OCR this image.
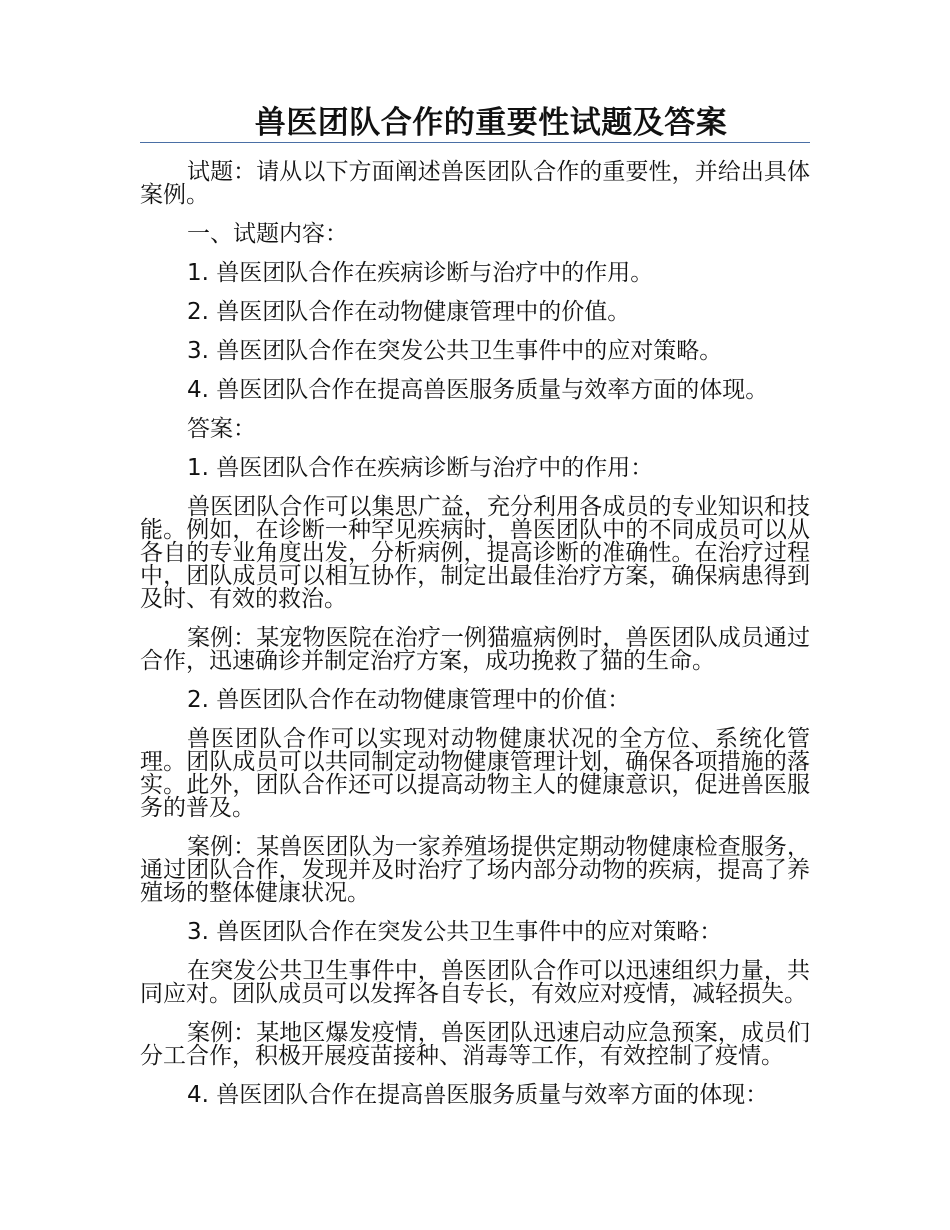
兽医团队合作的重要性试题及答案

试题：请从以下方面阐述兽医团队合作的重要性，并给出具体案例。

一、试题内容：
1. 兽医团队合作在疾病诊断与治疗中的作用。
2. 兽医团队合作在动物健康管理中的价值。
3. 兽医团队合作在突发公共卫生事件中的应对策略。
4. 兽医团队合作在提高兽医服务质量与效率方面的体现。
答案：
1. 兽医团队合作在疾病诊断与治疗中的作用：

兽医团队合作可以集思广益，充分利用各成员的专业知识和技能。例如，在诊断一种罕见疾病时，兽医团队中的不同成员可以从各自的专业角度出发，分析病例，提高诊断的准确性。在治疗过程中，团队成员可以相互协作，制定出最佳治疗方案，确保病患得到及时、有效的救治。

案例：某宠物医院在治疗一例猫瘟病例时，兽医团队成员通过合作，迅速确诊并制定治疗方案，成功挽救了猫的生命。

2. 兽医团队合作在动物健康管理中的价值：

兽医团队合作可以实现对动物健康状况的全方位、系统化管理。团队成员可以共同制定动物健康管理计划，确保各项措施的落实。此外，团队合作还可以提高动物主人的健康意识，促进兽医服务的普及。

案例：某兽医团队为一家养殖场提供定期动物健康检查服务，通过团队合作，发现并及时治疗了场内部分动物的疾病，提高了养殖场的整体健康状况。

3. 兽医团队合作在突发公共卫生事件中的应对策略：

在突发公共卫生事件中，兽医团队合作可以迅速组织力量，共同应对。团队成员可以发挥各自专长，有效应对疫情，减轻损失。

案例：某地区爆发疫情，兽医团队迅速启动应急预案，成员们分工合作，积极开展疫苗接种、消毒等工作，有效控制了疫情。

4. 兽医团队合作在提高兽医服务质量与效率方面的体现：
